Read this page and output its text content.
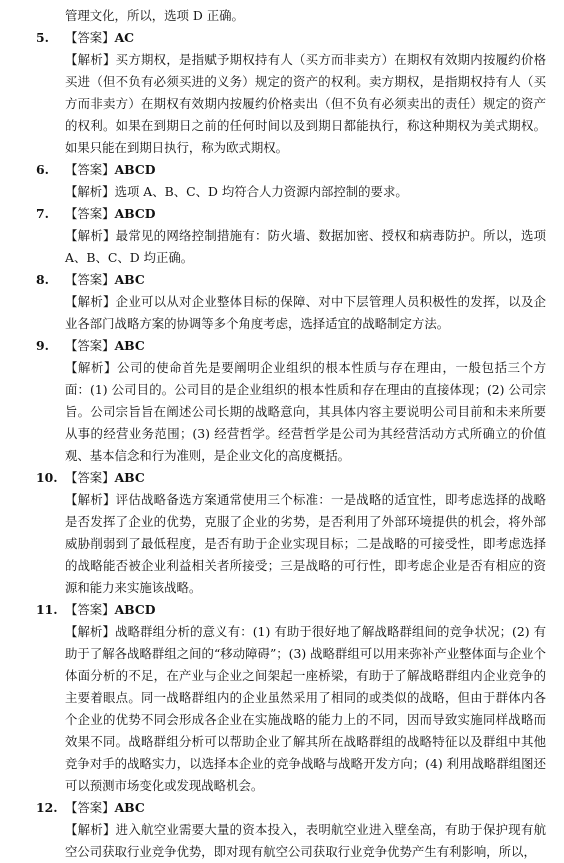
管理文化，所以，选项 D 正确。
5.	【答案】 AC
【解析】买方期权，是指赋予期权持有人（买方而非卖方）在期权有效期内按履约价格买进（但不负有必须买进的义务）规定的资产的权利。卖方期权，是指期权持有人（买方而非卖方）在期权有效期内按履约价格卖出（但不负有必须卖出的责任）规定的资产的权利。如果在到期日之前的任何时间以及到期日都能执行，称这种期权为美式期权。如果只能在到期日执行，称为欧式期权。
6.	【答案】 ABCD
【解析】选项 A、B、C、D 均符合人力资源内部控制的要求。
7.	【答案】 ABCD
【解析】最常见的网络控制措施有：防火墙、数据加密、授权和病毒防护。所以，选项 A、B、C、D 均正确。
8.	【答案】 ABC
【解析】企业可以从对企业整体目标的保障、对中下层管理人员积极性的发挥，以及企业各部门战略方案的协调等多个角度考虑，选择适宜的战略制定方法。
9.	【答案】 ABC
【解析】公司的使命首先是要阐明企业组织的根本性质与存在理由，一般包括三个方面：(1) 公司目的。公司目的是企业组织的根本性质和存在理由的直接体现；(2) 公司宗旨。公司宗旨旨在阐述公司长期的战略意向，其具体内容主要说明公司目前和未来所要从事的经营业务范围；(3) 经营哲学。经营哲学是公司为其经营活动方式所确立的价值观、基本信念和行为准则，是企业文化的高度概括。
10. 【答案】 ABC
【解析】评估战略备选方案通常使用三个标准：一是战略的适宜性，即考虑选择的战略是否发挥了企业的优势，克服了企业的劣势，是否利用了外部环境提供的机会，将外部威胁削弱到了最低程度，是否有助于企业实现目标；二是战略的可接受性，即考虑选择的战略能否被企业利益相关者所接受；三是战略的可行性，即考虑企业是否有相应的资源和能力来实施该战略。
11. 【答案】 ABCD
【解析】战略群组分析的意义有：(1) 有助于很好地了解战略群组间的竞争状况；(2) 有助于了解各战略群组之间的“移动障碍”；(3) 战略群组可以用来弥补产业整体面与企业个体面分析的不足，在产业与企业之间架起一座桥梁，有助于了解战略群组内企业竞争的主要着眼点。同一战略群组内的企业虽然采用了相同的或类似的战略，但由于群体内各个企业的优势不同会形成各企业在实施战略的能力上的不同，因而导致实施同样战略而效果不同。战略群组分析可以帮助企业了解其所在战略群组的战略特征以及群组中其他竞争对手的战略实力，以选择本企业的竞争战略与战略开发方向；(4) 利用战略群组图还可以预测市场变化或发现战略机会。
12. 【答案】 ABC
【解析】进入航空业需要大量的资本投入，表明航空业进入壁垒高，有助于保护现有航空公司获取行业竞争优势，即对现有航空公司获取行业竞争优势产生有利影响，所以，
